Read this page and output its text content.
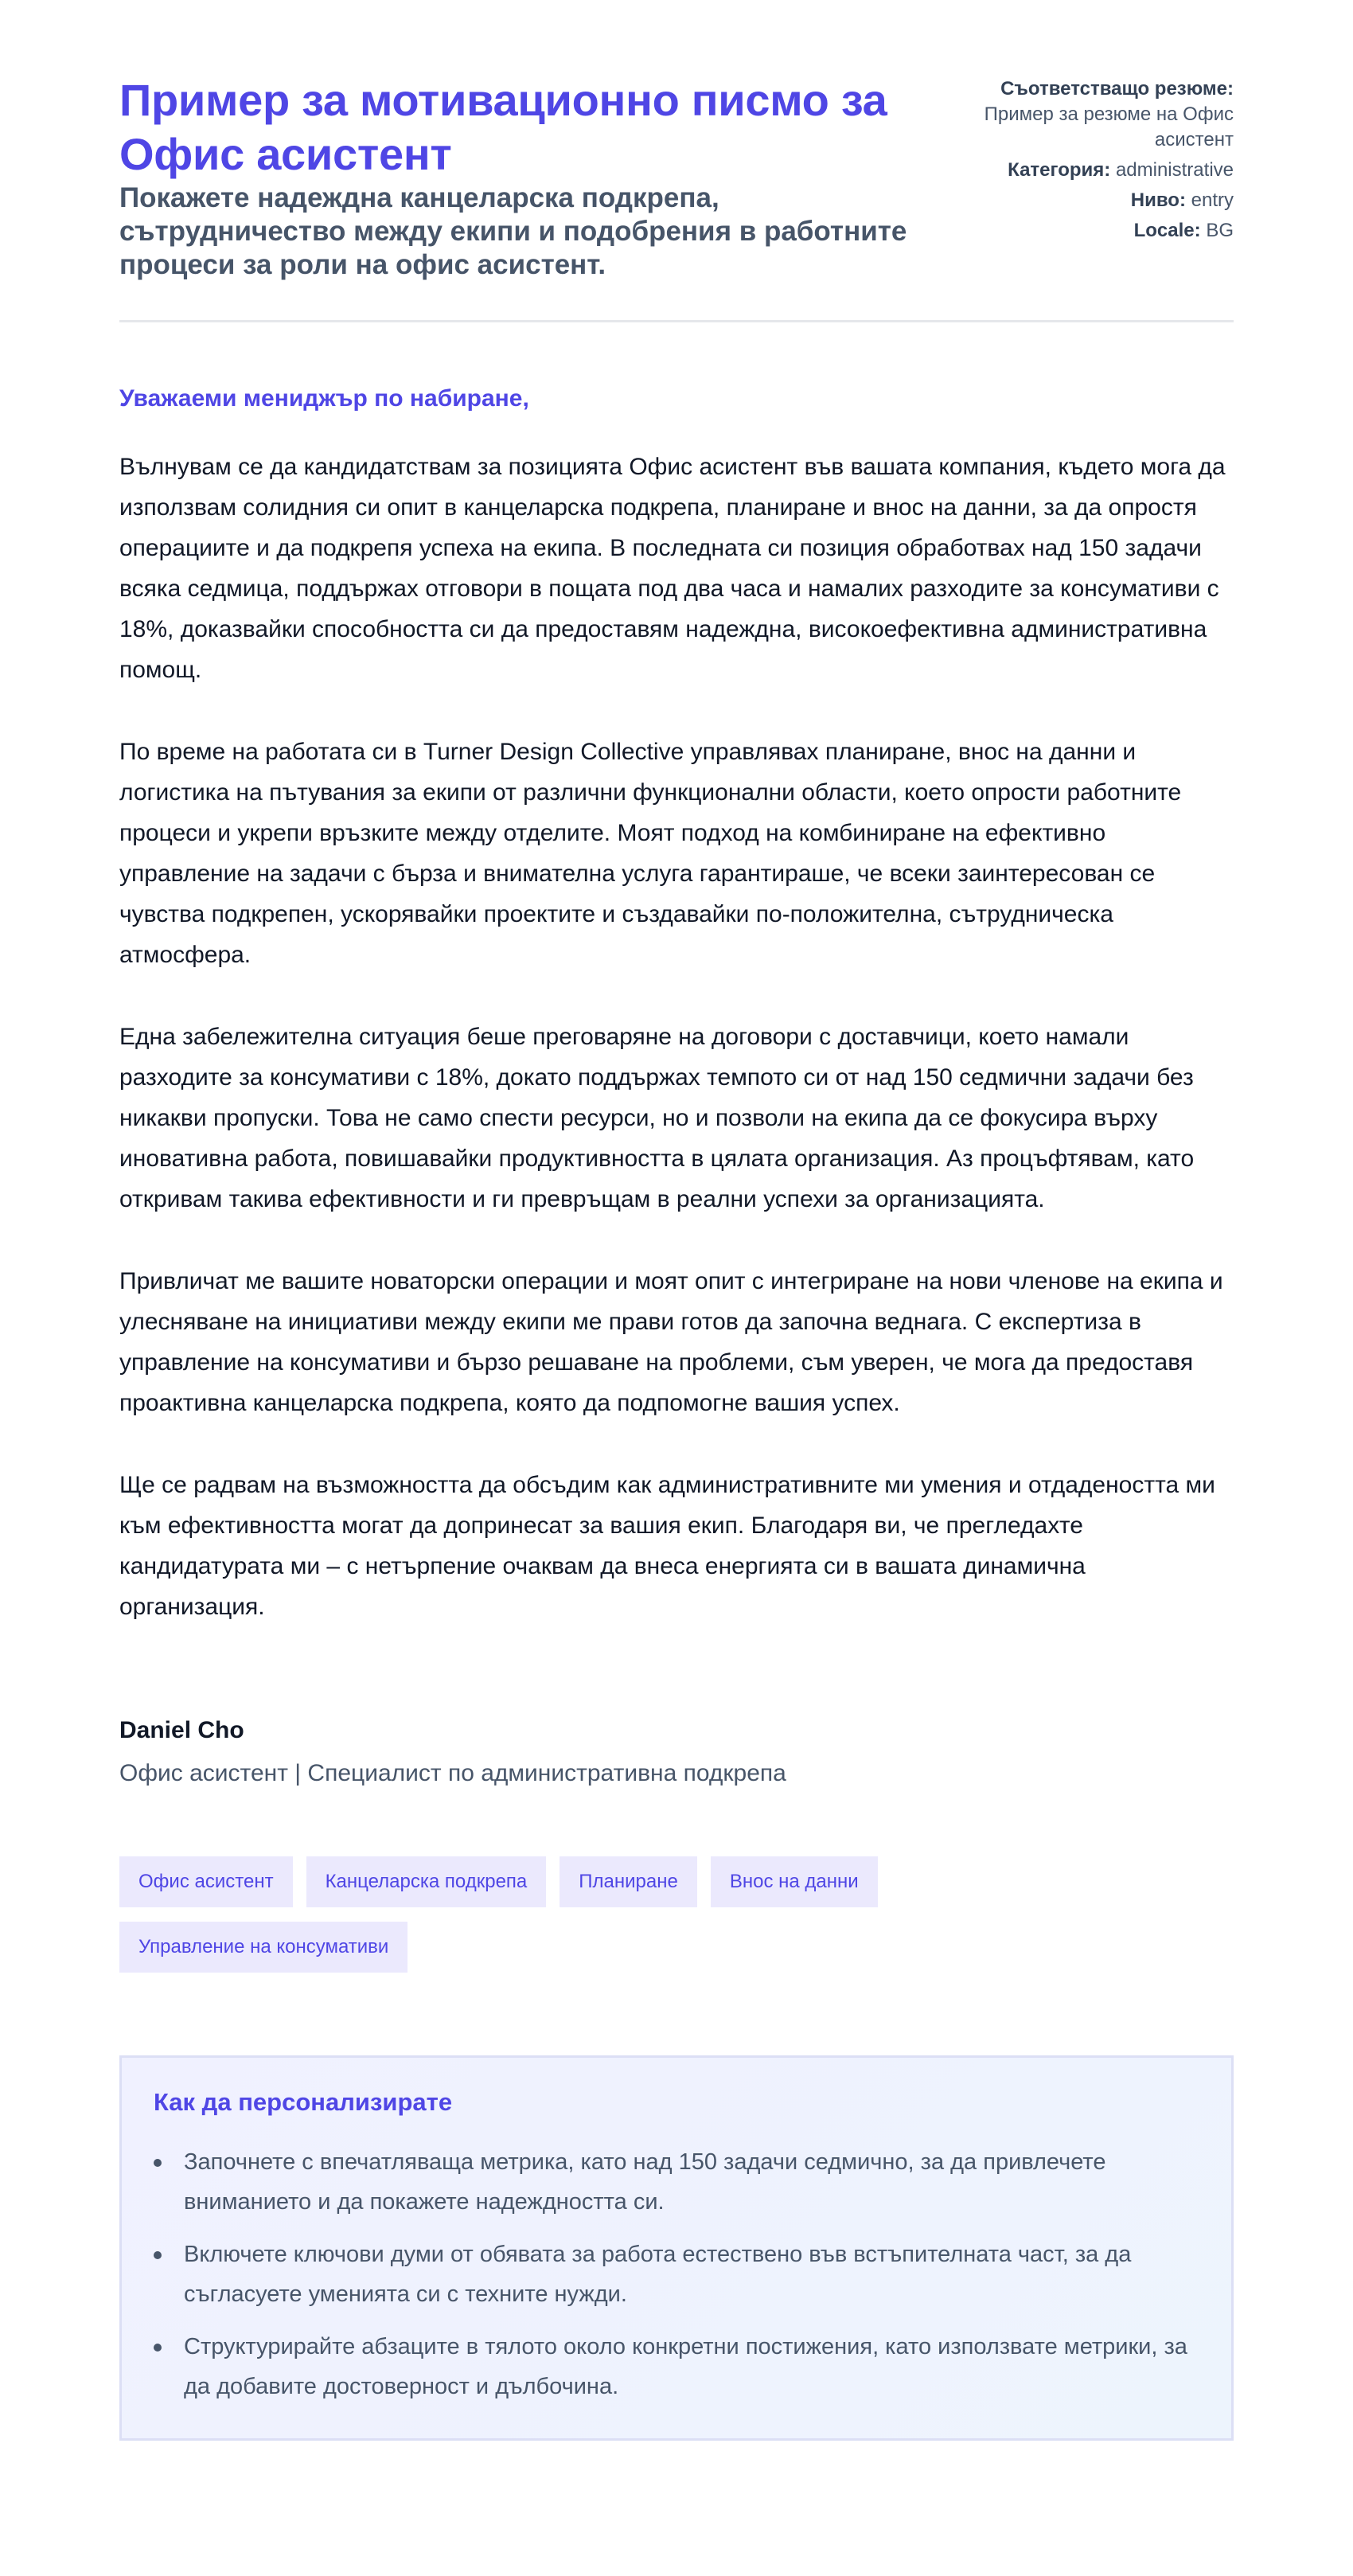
Пример за мотивационно писмо за Офис асистент
Покажете надеждна канцеларска подкрепа, сътрудничество между екипи и подобрения в работните процеси за роли на офис асистент.
Съответстващо резюме:
Пример за резюме на Офис асистент
Категория: administrative
Ниво: entry
Locale: BG

Уважаеми мениджър по набиране,

Вълнувам се да кандидатствам за позицията Офис асистент във вашата компания, където мога да използвам солидния си опит в канцеларска подкрепа, планиране и внос на данни, за да опростя операциите и да подкрепя успеха на екипа. В последната си позиция обработвах над 150 задачи всяка седмица, поддържах отговори в пощата под два часа и намалих разходите за консумативи с 18%, доказвайки способността си да предоставям надеждна, високоефективна административна помощ.

По време на работата си в Turner Design Collective управлявах планиране, внос на данни и логистика на пътувания за екипи от различни функционални области, което опрости работните процеси и укрепи връзките между отделите. Моят подход на комбиниране на ефективно управление на задачи с бърза и внимателна услуга гарантираше, че всеки заинтересован се чувства подкрепен, ускорявайки проектите и създавайки по-положителна, сътрудническа атмосфера.

Една забележителна ситуация беше преговаряне на договори с доставчици, което намали разходите за консумативи с 18%, докато поддържах темпото си от над 150 седмични задачи без никакви пропуски. Това не само спести ресурси, но и позволи на екипа да се фокусира върху иновативна работа, повишавайки продуктивността в цялата организация. Аз процъфтявам, като откривам такива ефективности и ги превръщам в реални успехи за организацията.

Привличат ме вашите новаторски операции и моят опит с интегриране на нови членове на екипа и улесняване на инициативи между екипи ме прави готов да започна веднага. С експертиза в управление на консумативи и бързо решаване на проблеми, съм уверен, че мога да предоставя проактивна канцеларска подкрепа, която да подпомогне вашия успех.

Ще се радвам на възможността да обсъдим как административните ми умения и отдадеността ми към ефективността могат да допринесат за вашия екип. Благодаря ви, че прегледахте кандидатурата ми – с нетърпение очаквам да внеса енергията си в вашата динамична организация.

Daniel Cho
Офис асистент | Специалист по административна подкрепа
Офис асистент	Канцеларска подкрепа	Планиране	Внос на данни
Управление на консумативи
Как да персонализирате
Започнете с впечатляваща метрика, като над 150 задачи седмично, за да привлечете вниманието и да покажете надеждността си.
Включете ключови думи от обявата за работа естествено във встъпителната част, за да съгласуете уменията си с техните нужди.
Структурирайте абзаците в тялото около конкретни постижения, като използвате метрики, за да добавите достоверност и дълбочина.
